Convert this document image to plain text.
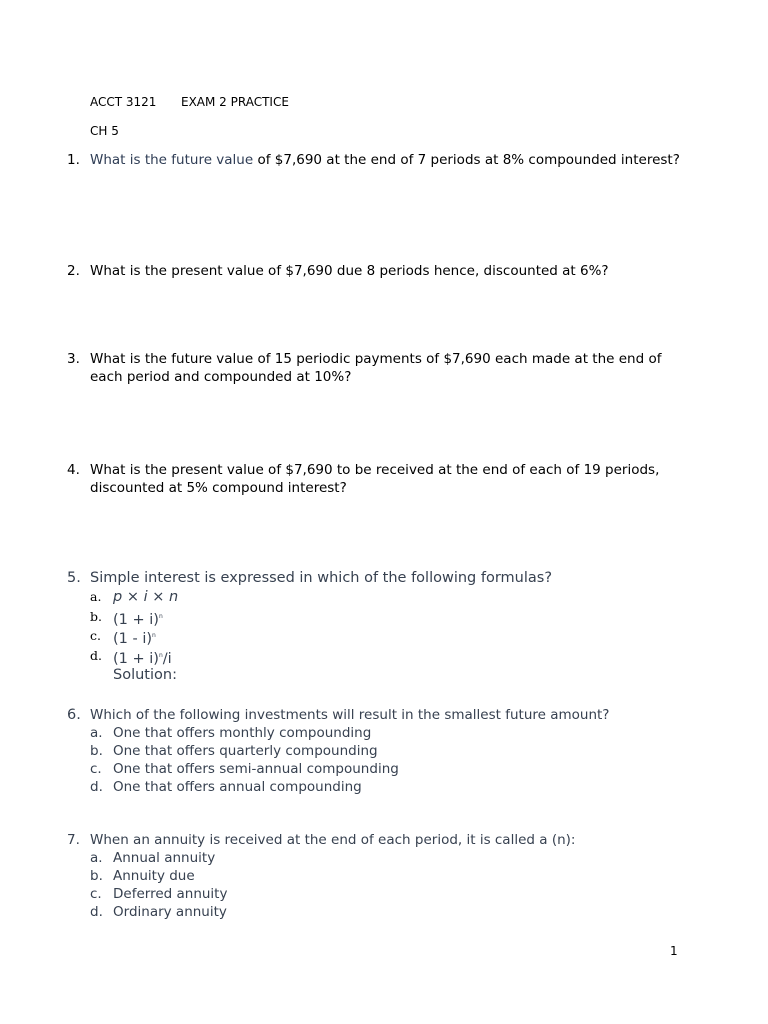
ACCT 3121 EXAM 2 PRACTICE
CH 5
1. What is the future value of $7,690 at the end of 7 periods at 8% compounded interest?
2. What is the present value of $7,690 due 8 periods hence, discounted at 6%?
3. What is the future value of 15 periodic payments of $7,690 each made at the end of each period and compounded at 10%?
4. What is the present value of $7,690 to be received at the end of each of 19 periods, discounted at 5% compound interest?
5. Simple interest is expressed in which of the following formulas?
a. p × i × n
b. $(1 + i)^n$
c. (1 - i)$^n$
d. $(1 + i)^n/i$
Solution:
6. Which of the following investments will result in the smallest future amount?
a. One that offers monthly compounding
b. One that offers quarterly compounding
c. One that offers semi-annual compounding
d. One that offers annual compounding
7. When an annuity is received at the end of each period, it is called a (n):
a. Annual annuity
b. Annuity due
c. Deferred annuity
d. Ordinary annuity
1
